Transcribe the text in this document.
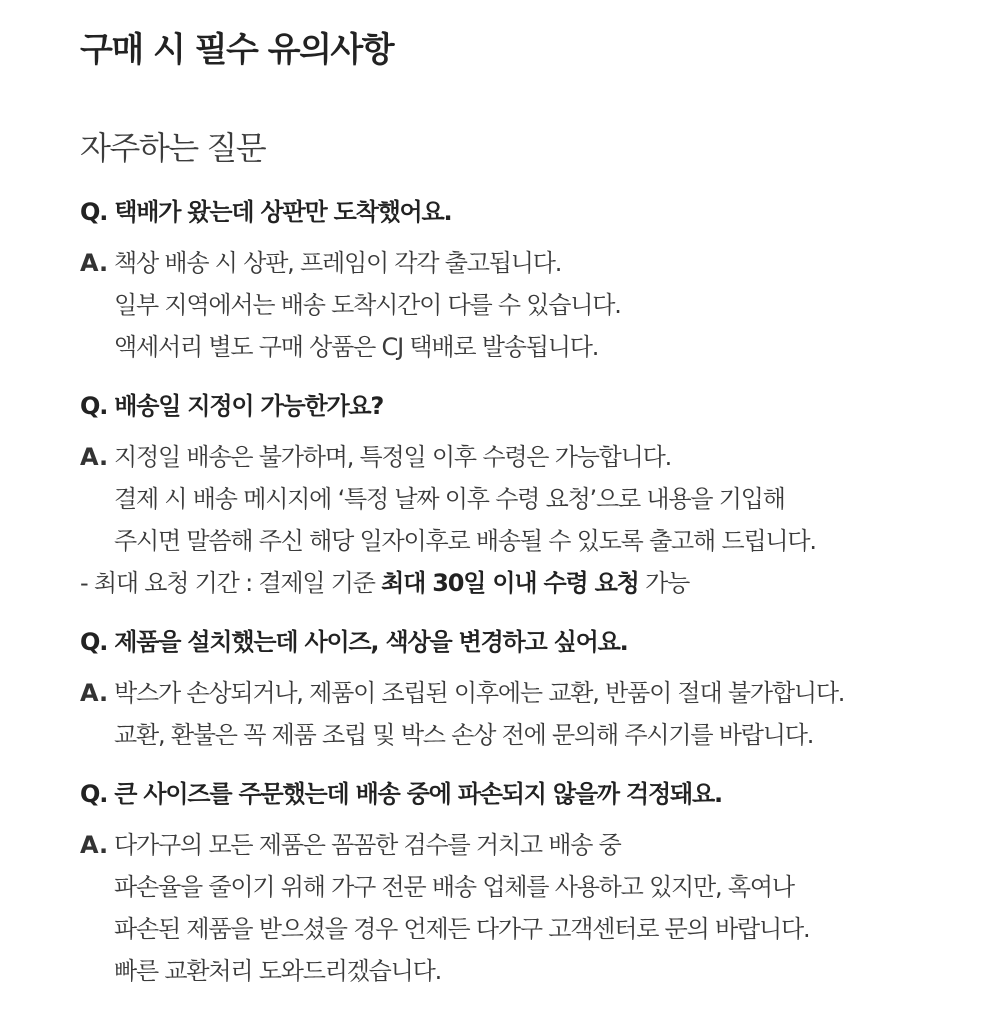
구매 시 필수 유의사항
자주하는 질문
Q. 택배가 왔는데 상판만 도착했어요.
A. 책상 배송 시 상판, 프레임이 각각 출고됩니다.
일부 지역에서는 배송 도착시간이 다를 수 있습니다.
액세서리 별도 구매 상품은 CJ 택배로 발송됩니다.
Q. 배송일 지정이 가능한가요?
A. 지정일 배송은 불가하며, 특정일 이후 수령은 가능합니다.
결제 시 배송 메시지에 ‘특정 날짜 이후 수령 요청’으로 내용을 기입해
주시면 말씀해 주신 해당 일자이후로 배송될 수 있도록 출고해 드립니다.
- 최대 요청 기간 : 결제일 기준 최대 30일 이내 수령 요청 가능
Q. 제품을 설치했는데 사이즈, 색상을 변경하고 싶어요.
A. 박스가 손상되거나, 제품이 조립된 이후에는 교환, 반품이 절대 불가합니다.
교환, 환불은 꼭 제품 조립 및 박스 손상 전에 문의해 주시기를 바랍니다.
Q. 큰 사이즈를 주문했는데 배송 중에 파손되지 않을까 걱정돼요.
A. 다가구의 모든 제품은 꼼꼼한 검수를 거치고 배송 중
파손율을 줄이기 위해 가구 전문 배송 업체를 사용하고 있지만, 혹여나
파손된 제품을 받으셨을 경우 언제든 다가구 고객센터로 문의 바랍니다.
빠른 교환처리 도와드리겠습니다.
